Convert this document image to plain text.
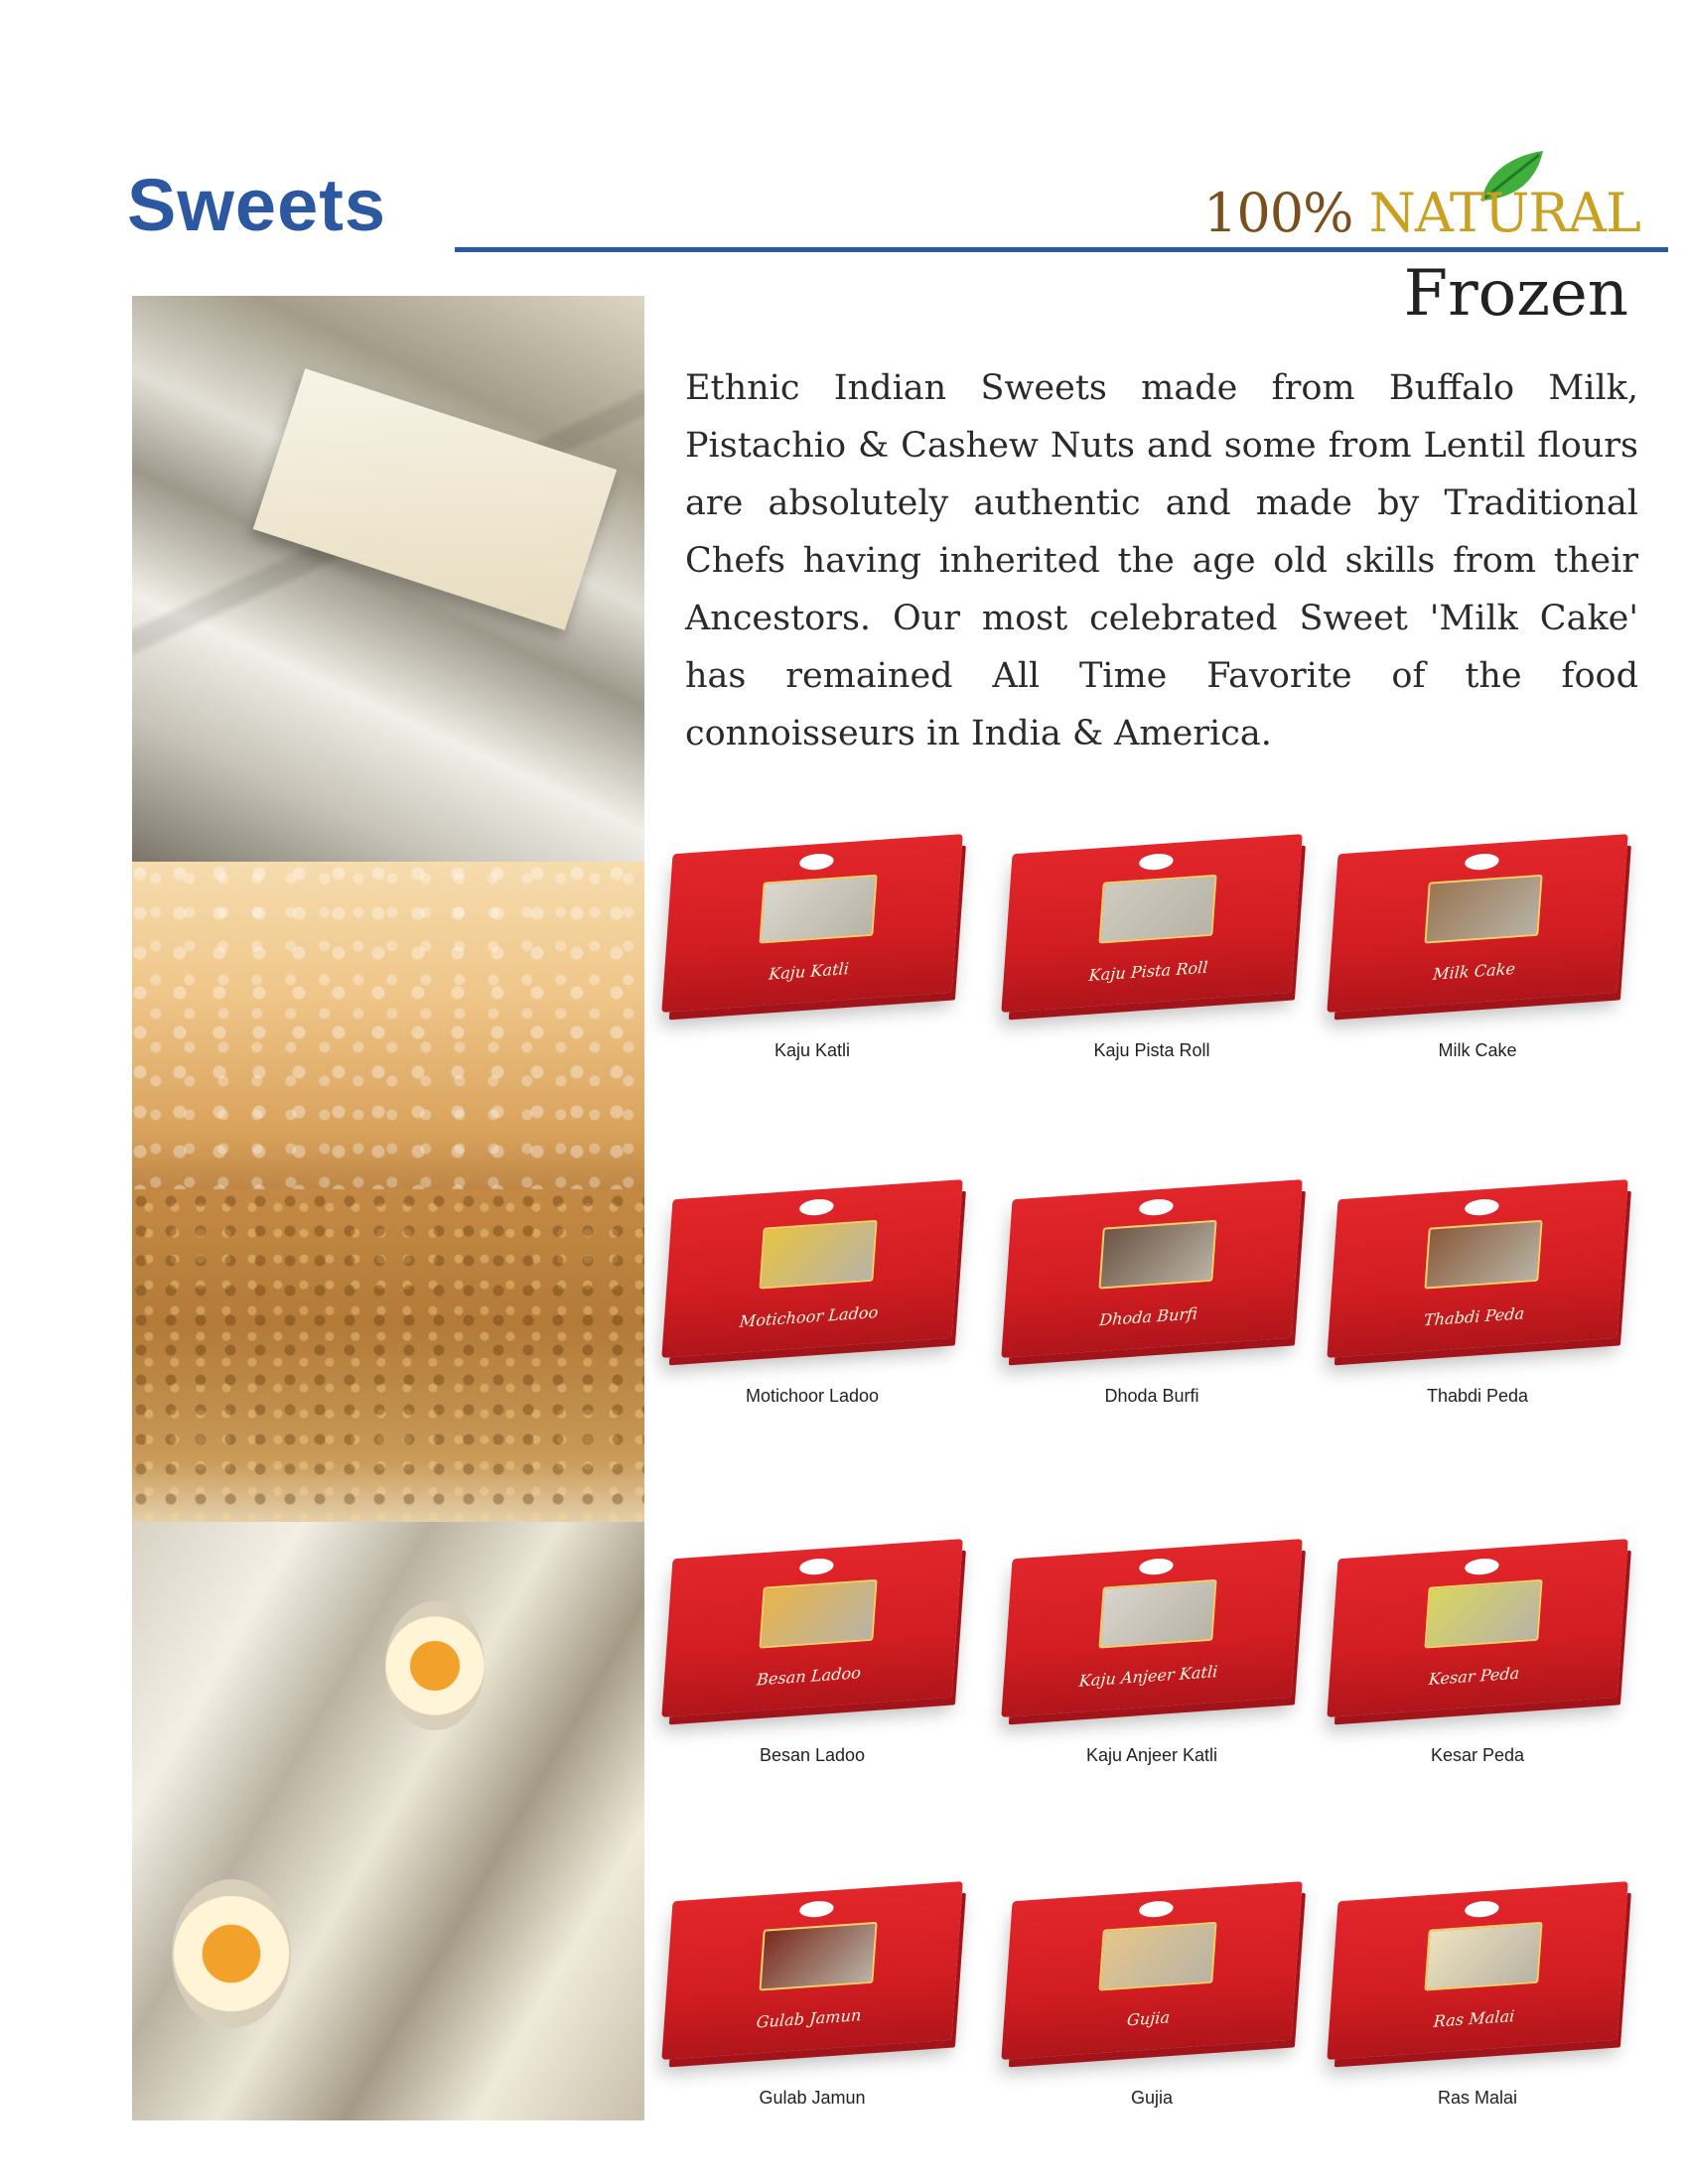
Sweets	100% NATURAL
Frozen

Ethnic Indian Sweets made from Buffalo Milk, Pistachio & Cashew Nuts and some from Lentil flours are absolutely authentic and made by Traditional Chefs having inherited the age old skills from their Ancestors. Our most celebrated Sweet 'Milk Cake' has remained All Time Favorite of the food connoisseurs in India & America.

Kaju Katli
Kaju Katli
Kaju Pista Roll
Kaju Pista Roll
Milk Cake
Milk Cake
Motichoor Ladoo
Motichoor Ladoo
Dhoda Burfi
Dhoda Burfi
Thabdi Peda
Thabdi Peda
Besan Ladoo
Besan Ladoo
Kaju Anjeer Katli
Kaju Anjeer Katli
Kesar Peda
Kesar Peda
Gulab Jamun
Gulab Jamun
Gujia
Gujia
Ras Malai
Ras Malai
